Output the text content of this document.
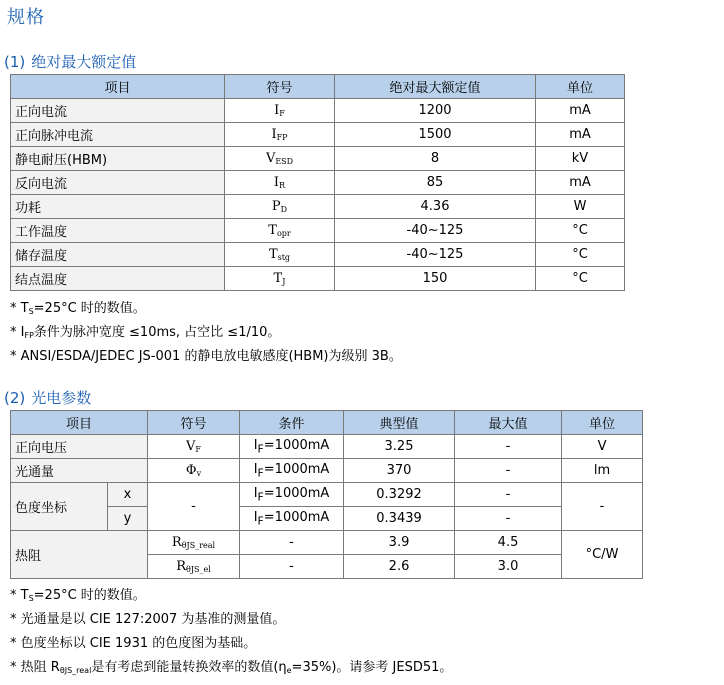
规格
(1) 绝对最大额定值
项目	符号	绝对最大额定值	单位
正向电流	$I_F$	1200	mA
正向脉冲电流	$I_{FP}$	1500	mA
静电耐压(HBM)	$V_{ESD}$	8	kV
反向电流	$I_R$	85	mA
功耗	$P_D$	4.36	W
工作温度	$T_{opr}$	-40~125	°C
储存温度	$T_{stg}$	-40~125	°C
结点温度	$T_J$	150	°C
* $T_S=25^\circ C$ 时的数值。
* $I_{FP}$条件为脉冲宽度 ≤10ms, 占空比 ≤1/10。
* ANSI/ESDA/JEDEC JS-001 的静电放电敏感度(HBM)为级别 3B。
(2) 光电参数
项目		符号	条件	典型值	最大值	单位
正向电压		$V_F$	$I_F=1000mA$	3.25	-	V
光通量		$\Phi_v$	$I_F=1000mA$	370	-	lm
色度坐标	x	-	$I_F=1000mA$	0.3292	-	-
	y		$I_F=1000mA$	0.3439	-	
热阻		$R_{\theta JS\_real}$	-	3.9	4.5	°C/W
		$R_{\theta JS\_el}$	-	2.6	3.0	
* $T_S=25^\circ C$ 时的数值。
* 光通量是以 CIE 127:2007 为基准的测量值。
* 色度坐标以 CIE 1931 的色度图为基础。
* 热阻 $R_{\theta JS\_real}$是有考虑到能量转换效率的数值$(\eta_e=35\%)$。请参考 JESD51。
